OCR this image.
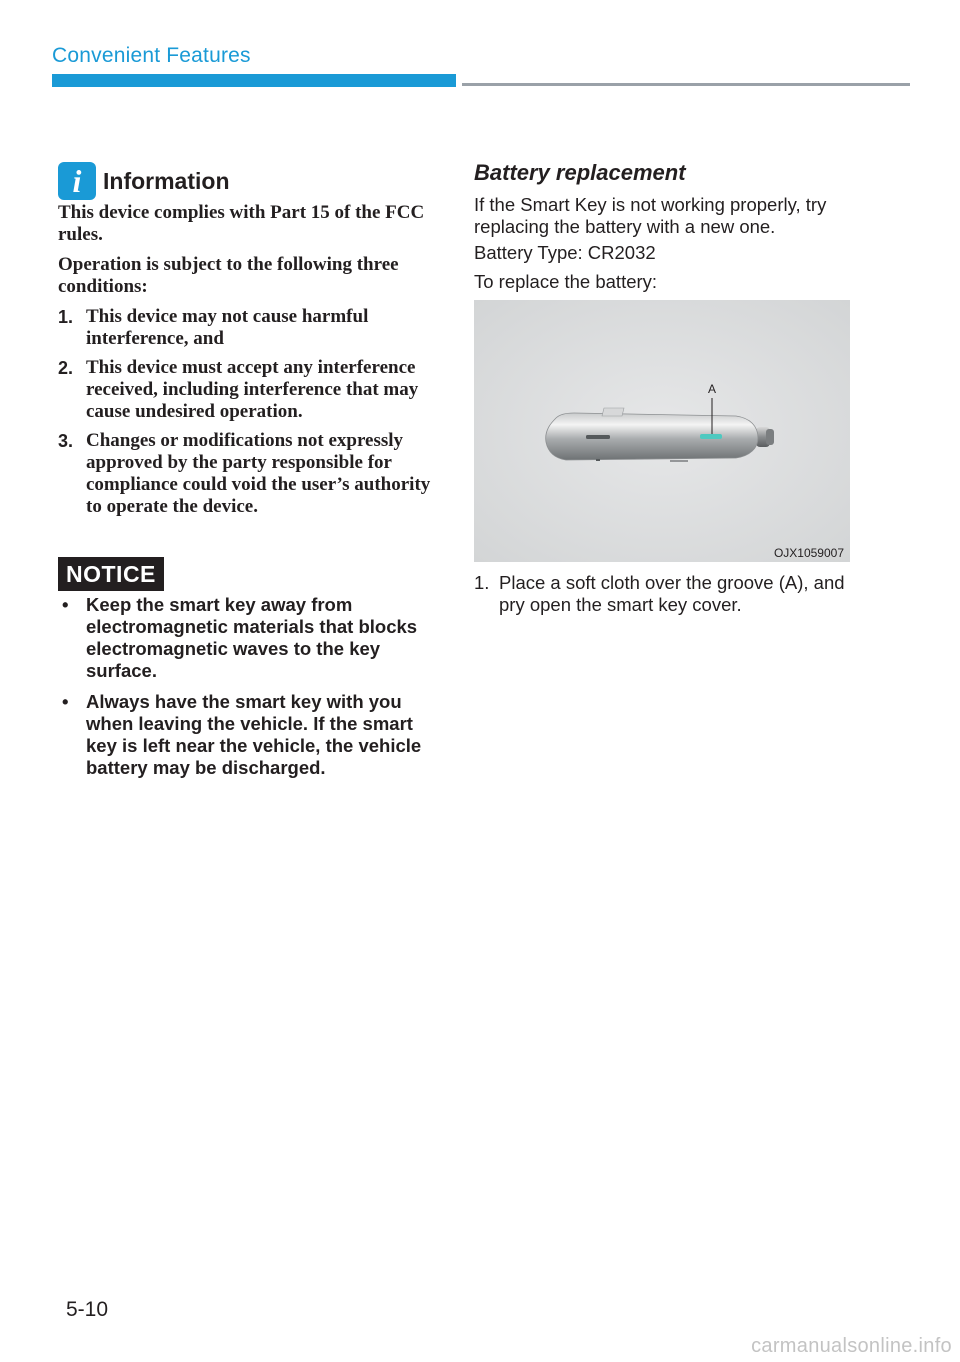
Convenient Features
i Information

This device complies with Part 15 of the FCC rules.

Operation is subject to the following three conditions:

1. This device may not cause harmful interference, and
2. This device must accept any interference received, including interference that may cause undesired operation.
3. Changes or modifications not expressly approved by the party responsible for compliance could void the user’s authority to operate the device.
NOTICE
• Keep the smart key away from electromagnetic materials that blocks electromagnetic waves to the key surface.
• Always have the smart key with you when leaving the vehicle. If the smart key is left near the vehicle, the vehicle battery may be discharged.
Battery replacement

If the Smart Key is not working properly, try replacing the battery with a new one.

Battery Type: CR2032

To replace the battery:

A
OJX1059007
1. Place a soft cloth over the groove (A), and pry open the smart key cover.
5-10
carmanualsonline.info
